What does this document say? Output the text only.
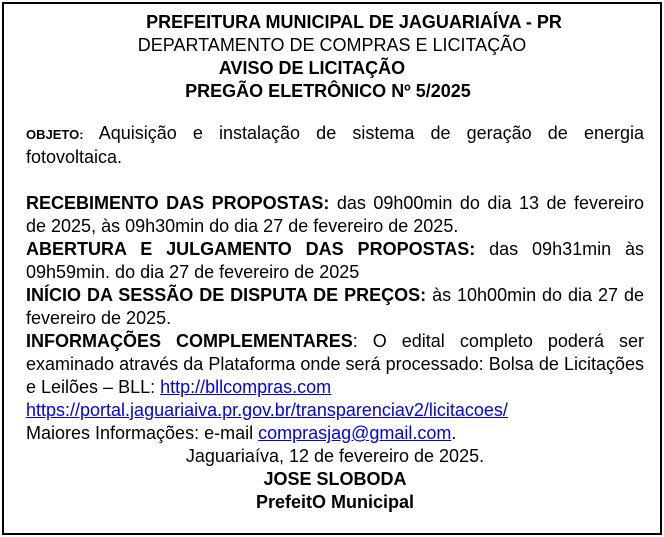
PREFEITURA MUNICIPAL DE JAGUARIAÍVA - PR
DEPARTAMENTO DE COMPRAS E LICITAÇÃO
AVISO DE LICITAÇÃO
PREGÃO ELETRÔNICO Nº 5/2025

OBJETO: Aquisição e instalação de sistema de geração de energia fotovoltaica.

RECEBIMENTO DAS PROPOSTAS: das 09h00min do dia 13 de fevereiro de 2025, às 09h30min do dia 27 de fevereiro de 2025.

ABERTURA E JULGAMENTO DAS PROPOSTAS: das 09h31min às 09h59min. do dia 27 de fevereiro de 2025

INÍCIO DA SESSÃO DE DISPUTA DE PREÇOS: às 10h00min do dia 27 de fevereiro de 2025.

INFORMAÇÕES COMPLEMENTARES: O edital completo poderá ser examinado através da Plataforma onde será processado: Bolsa de Licitações e Leilões – BLL: http://bllcompras.com

https://portal.jaguariaiva.pr.gov.br/transparenciav2/licitacoes/

Maiores Informações: e-mail comprasjag@gmail.com.

Jaguariaíva, 12 de fevereiro de 2025.

JOSE SLOBODA

PrefeitO Municipal
